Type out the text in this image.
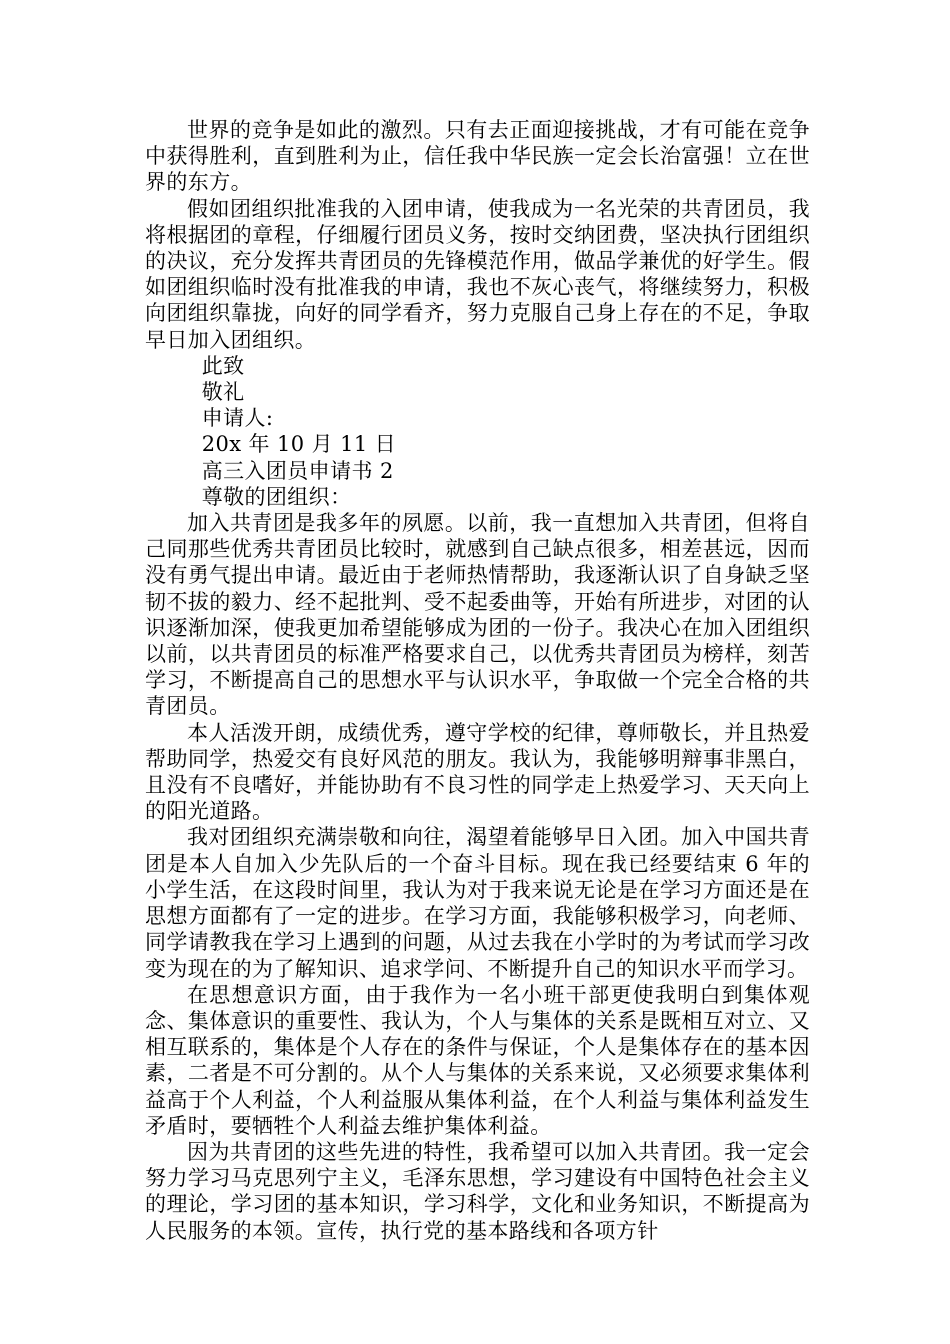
世界的竞争是如此的激烈。只有去正面迎接挑战，才有可能在竞争中获得胜利，直到胜利为止，信任我中华民族一定会长治富强！立在世界的东方。

假如团组织批准我的入团申请，使我成为一名光荣的共青团员，我将根据团的章程，仔细履行团员义务，按时交纳团费，坚决执行团组织的决议，充分发挥共青团员的先锋模范作用，做品学兼优的好学生。假如团组织临时没有批准我的申请，我也不灰心丧气，将继续努力，积极向团组织靠拢，向好的同学看齐，努力克服自己身上存在的不足，争取早日加入团组织。

此致

敬礼

申请人:

20x 年 10 月 11 日

高三入团员申请书 2

尊敬的团组织：

加入共青团是我多年的夙愿。以前，我一直想加入共青团，但将自己同那些优秀共青团员比较时，就感到自己缺点很多，相差甚远，因而没有勇气提出申请。最近由于老师热情帮助，我逐渐认识了自身缺乏坚韧不拔的毅力、经不起批判、受不起委曲等，开始有所进步，对团的认识逐渐加深，使我更加希望能够成为团的一份子。我决心在加入团组织以前，以共青团员的标准严格要求自己，以优秀共青团员为榜样，刻苦学习，不断提高自己的思想水平与认识水平，争取做一个完全合格的共青团员。

本人活泼开朗，成绩优秀，遵守学校的纪律，尊师敬长，并且热爱帮助同学，热爱交有良好风范的朋友。我认为，我能够明辩事非黑白，且没有不良嗜好，并能协助有不良习性的同学走上热爱学习、天天向上的阳光道路。

我对团组织充满崇敬和向往，渴望着能够早日入团。加入中国共青团是本人自加入少先队后的一个奋斗目标。现在我已经要结束 6 年的小学生活，在这段时间里，我认为对于我来说无论是在学习方面还是在思想方面都有了一定的进步。在学习方面，我能够积极学习，向老师、同学请教我在学习上遇到的问题，从过去我在小学时的为考试而学习改变为现在的为了解知识、追求学问、不断提升自己的知识水平而学习。

在思想意识方面，由于我作为一名小班干部更使我明白到集体观念、集体意识的重要性、我认为，个人与集体的关系是既相互对立、又相互联系的，集体是个人存在的条件与保证，个人是集体存在的基本因素，二者是不可分割的。从个人与集体的关系来说，又必须要求集体利益高于个人利益，个人利益服从集体利益，在个人利益与集体利益发生矛盾时，要牺牲个人利益去维护集体利益。

因为共青团的这些先进的特性，我希望可以加入共青团。我一定会努力学习马克思列宁主义，毛泽东思想，学习建设有中国特色社会主义的理论，学习团的基本知识，学习科学，文化和业务知识，不断提高为人民服务的本领。宣传，执行党的基本路线和各项方针
